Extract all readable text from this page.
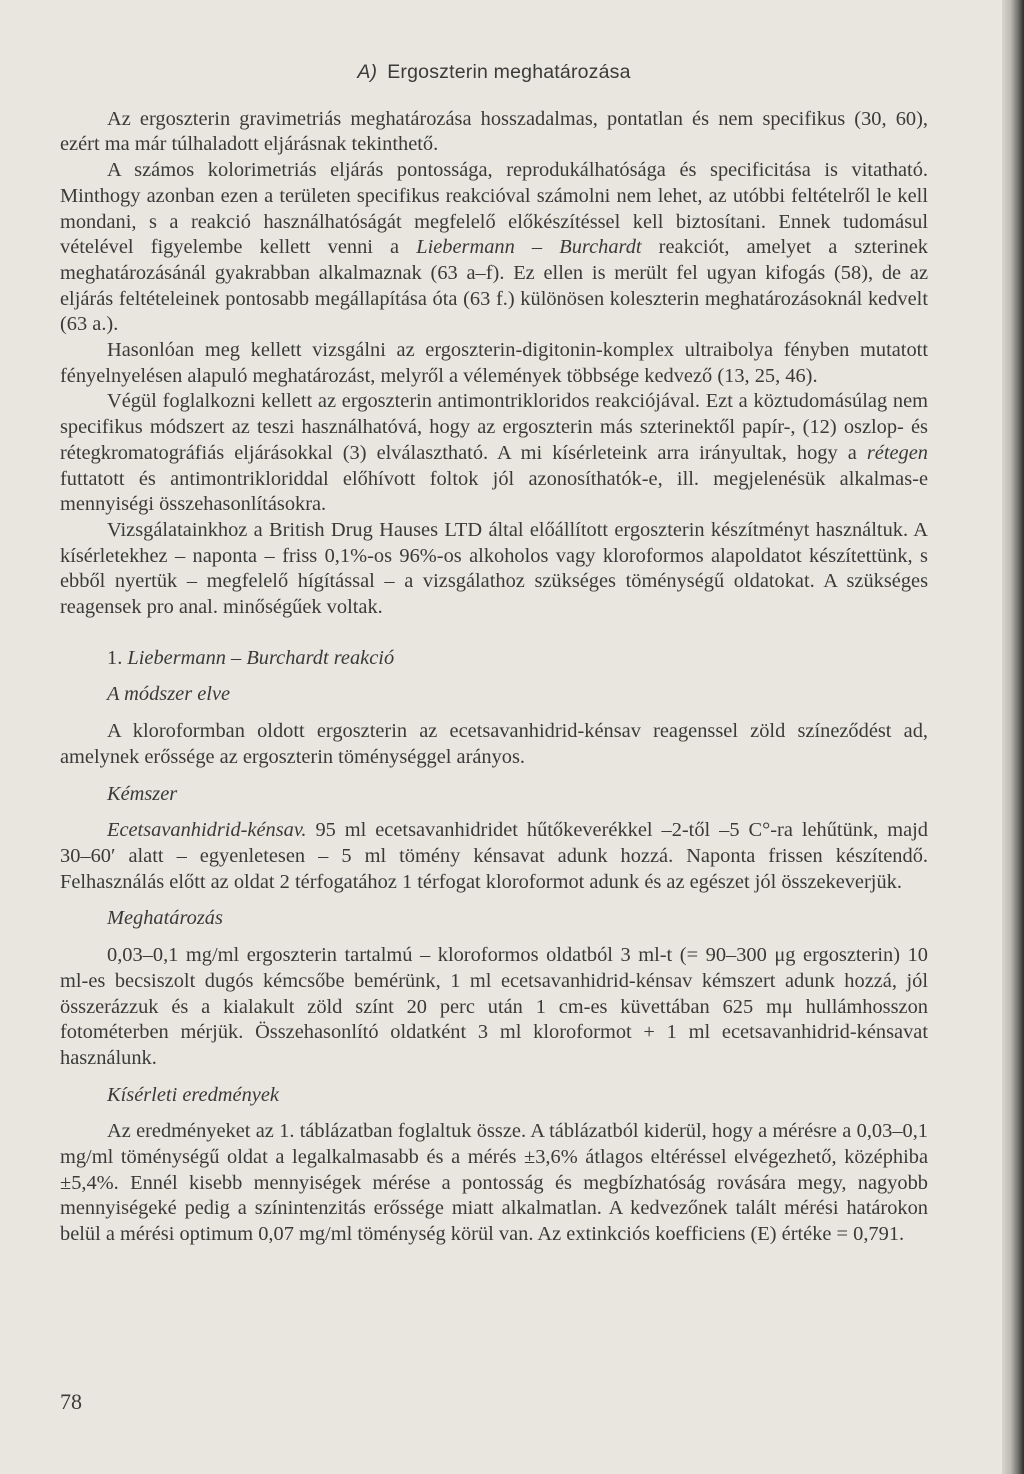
A) Ergoszterin meghatározása

Az ergoszterin gravimetriás meghatározása hosszadalmas, pontatlan és nem specifikus (30, 60), ezért ma már túlhaladott eljárásnak tekinthető.

A számos kolorimetriás eljárás pontossága, reprodukálhatósága és specificitása is vitatható. Minthogy azonban ezen a területen specifikus reakcióval számolni nem lehet, az utóbbi feltételről le kell mondani, s a reakció használhatóságát megfelelő előkészítéssel kell biztosítani. Ennek tudomásul vételével figyelembe kellett venni a Liebermann – Burchardt reakciót, amelyet a szterinek meghatározásánál gyakrabban alkalmaznak (63 a–f). Ez ellen is merült fel ugyan kifogás (58), de az eljárás feltételeinek pontosabb megállapítása óta (63 f.) különösen koleszterin meghatározásoknál kedvelt (63 a.).

Hasonlóan meg kellett vizsgálni az ergoszterin-digitonin-komplex ultraibolya fényben mutatott fényelnyelésen alapuló meghatározást, melyről a vélemények többsége kedvező (13, 25, 46).

Végül foglalkozni kellett az ergoszterin antimontrikloridos reakciójával. Ezt a köztudomásúlag nem specifikus módszert az teszi használhatóvá, hogy az ergoszterin más szterinektől papír-, (12) oszlop- és rétegkromatográfiás eljárásokkal (3) elválasztható. A mi kísérleteink arra irányultak, hogy a rétegen futtatott és antimontrikloriddal előhívott foltok jól azonosíthatók-e, ill. megjelenésük alkalmas-e mennyiségi összehasonlításokra.

Vizsgálatainkhoz a British Drug Hauses LTD által előállított ergoszterin készítményt használtuk. A kísérletekhez – naponta – friss 0,1%-os 96%-os alkoholos vagy kloroformos alapoldatot készítettünk, s ebből nyertük – megfelelő hígítással – a vizsgálathoz szükséges töménységű oldatokat. A szükséges reagensek pro anal. minőségűek voltak.

1. Liebermann – Burchardt reakció

A módszer elve

A kloroformban oldott ergoszterin az ecetsavanhidrid-kénsav reagenssel zöld színeződést ad, amelynek erőssége az ergoszterin töménységgel arányos.

Kémszer

Ecetsavanhidrid-kénsav. 95 ml ecetsavanhidridet hűtőkeverékkel –2-től –5 C°-ra lehűtünk, majd 30–60′ alatt – egyenletesen – 5 ml tömény kénsavat adunk hozzá. Naponta frissen készítendő. Felhasználás előtt az oldat 2 térfogatához 1 térfogat kloroformot adunk és az egészet jól összekeverjük.

Meghatározás

0,03–0,1 mg/ml ergoszterin tartalmú – kloroformos oldatból 3 ml-t (= 90–300 μg ergoszterin) 10 ml-es becsiszolt dugós kémcsőbe bemérünk, 1 ml ecetsavanhidrid-kénsav kémszert adunk hozzá, jól összerázzuk és a kialakult zöld színt 20 perc után 1 cm-es küvettában 625 mμ hullámhosszon fotométerben mérjük. Összehasonlító oldatként 3 ml kloroformot + 1 ml ecetsavanhidrid-kénsavat használunk.

Kísérleti eredmények

Az eredményeket az 1. táblázatban foglaltuk össze. A táblázatból kiderül, hogy a mérésre a 0,03–0,1 mg/ml töménységű oldat a legalkalmasabb és a mérés ±3,6% átlagos eltéréssel elvégezhető, középhiba ±5,4%. Ennél kisebb mennyiségek mérése a pontosság és megbízhatóság rovására megy, nagyobb mennyiségeké pedig a színintenzitás erőssége miatt alkalmatlan. A kedvezőnek talált mérési határokon belül a mérési optimum 0,07 mg/ml töménység körül van. Az extinkciós koefficiens (E) értéke = 0,791.

78
